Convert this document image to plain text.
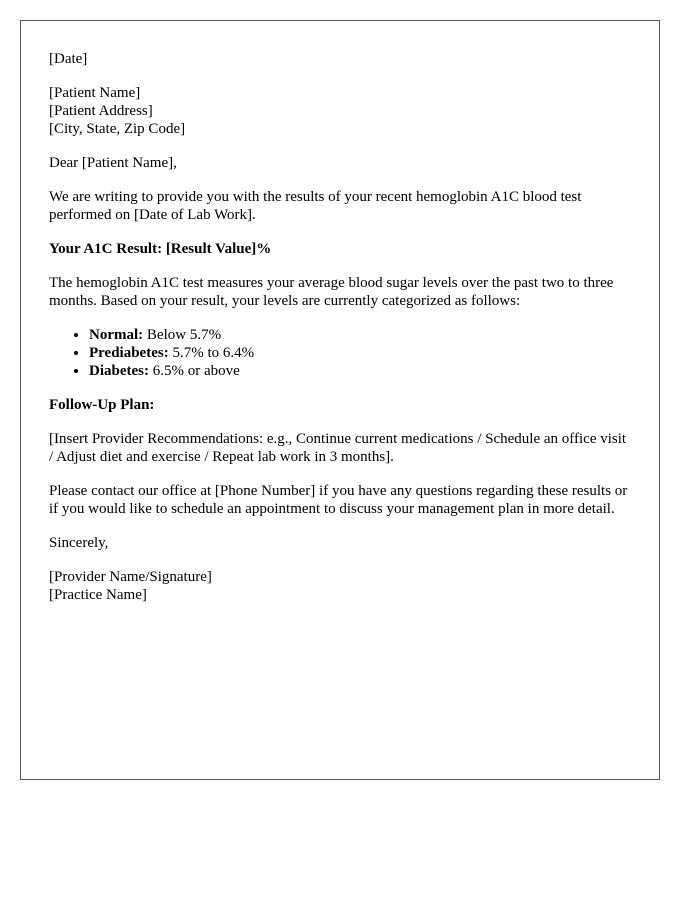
[Date]

[Patient Name]
[Patient Address]
[City, State, Zip Code]

Dear [Patient Name],

We are writing to provide you with the results of your recent hemoglobin A1C blood test performed on [Date of Lab Work].

Your A1C Result: [Result Value]%

The hemoglobin A1C test measures your average blood sugar levels over the past two to three months. Based on your result, your levels are currently categorized as follows:

• Normal: Below 5.7%
• Prediabetes: 5.7% to 6.4%
• Diabetes: 6.5% or above
Follow-Up Plan:

[Insert Provider Recommendations: e.g., Continue current medications / Schedule an office visit / Adjust diet and exercise / Repeat lab work in 3 months].

Please contact our office at [Phone Number] if you have any questions regarding these results or if you would like to schedule an appointment to discuss your management plan in more detail.

Sincerely,

[Provider Name/Signature]
[Practice Name]
